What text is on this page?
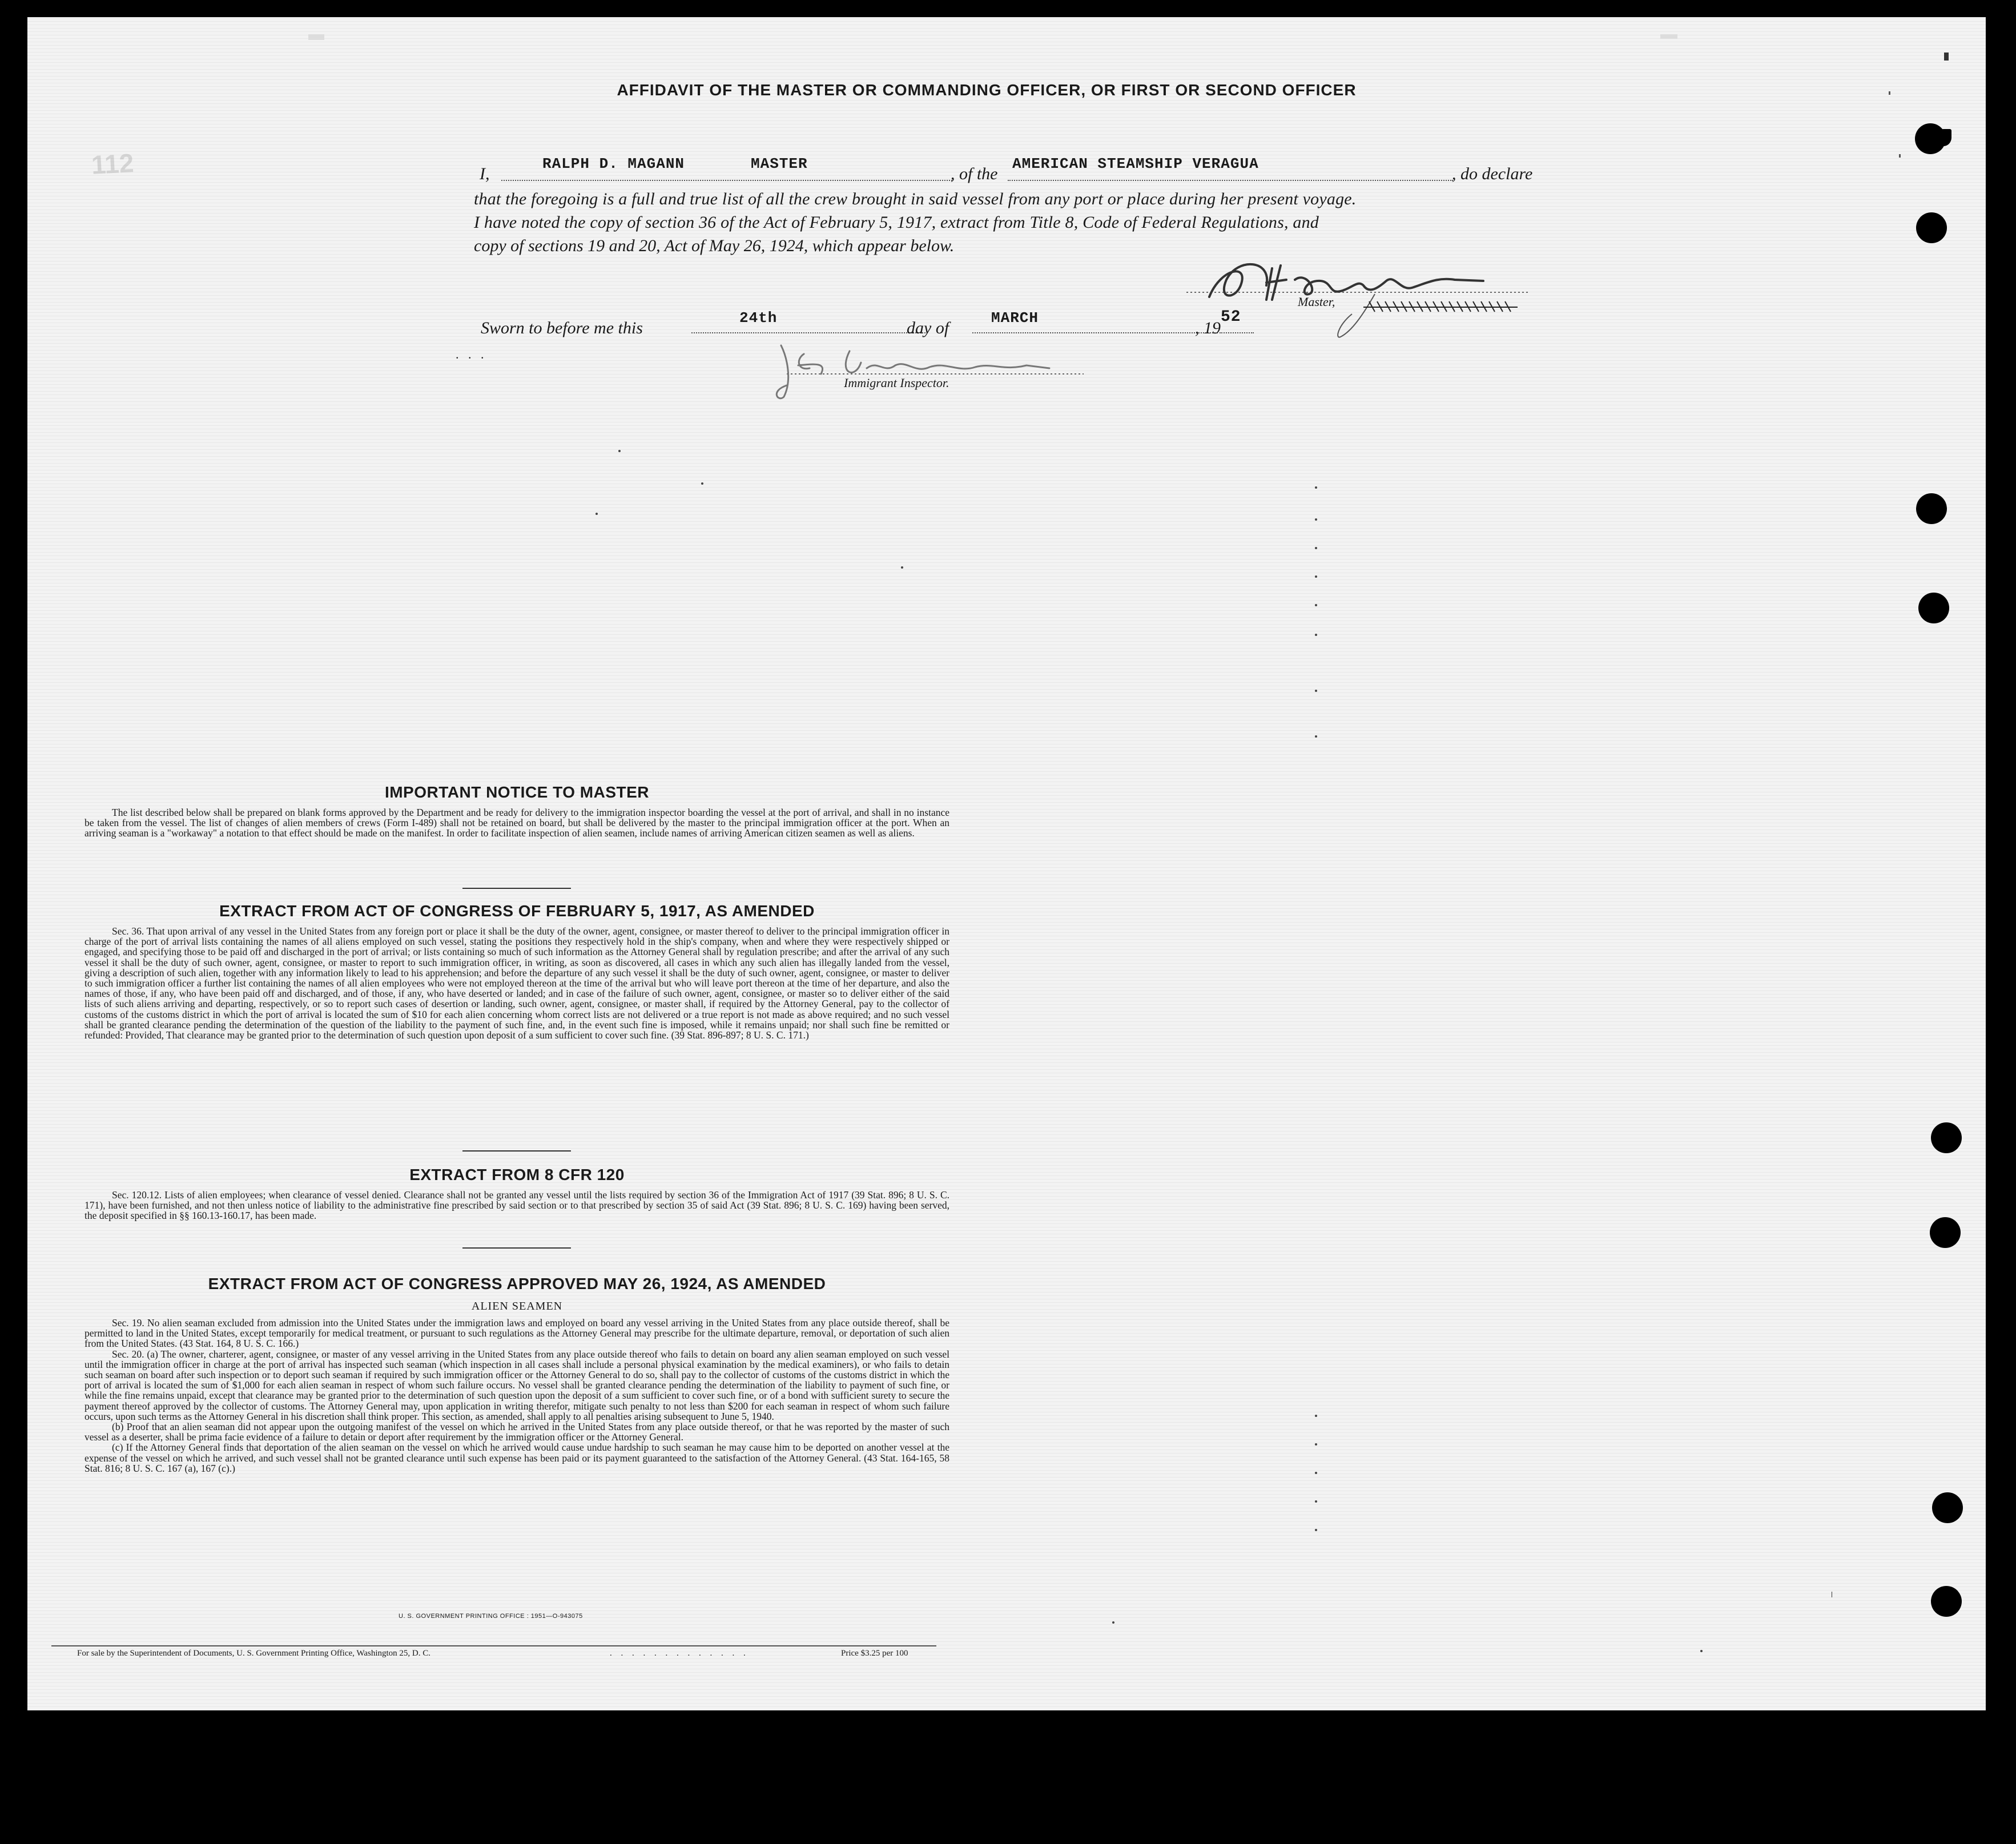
AFFIDAVIT OF THE MASTER OR COMMANDING OFFICER, OR FIRST OR SECOND OFFICER
I,
RALPH D. MAGANN	MASTER
, of the
AMERICAN STEAMSHIP VERAGUA
, do declare
that the foregoing is a full and true list of all the crew brought in said vessel from any port or place during her present voyage.
I have noted the copy of section 36 of the Act of February 5, 1917, extract from Title 8, Code of Federal Regulations, and
copy of sections 19 and 20, Act of May 26, 1924, which appear below.
Master,
Sworn to before me this
24th
day of
MARCH
, 19
52
.   .   .
Immigrant Inspector.
IMPORTANT NOTICE TO MASTER

The list described below shall be prepared on blank forms approved by the Department and be ready for delivery to the immigration inspector boarding the vessel at the port of arrival, and shall in no instance be taken from the vessel. The list of changes of alien members of crews (Form I-489) shall not be retained on board, but shall be delivered by the master to the principal immigration officer at the port. When an arriving seaman is a "workaway" a notation to that effect should be made on the manifest. In order to facilitate inspection of alien seamen, include names of arriving American citizen seamen as well as aliens.

EXTRACT FROM ACT OF CONGRESS OF FEBRUARY 5, 1917, AS AMENDED

Sec. 36. That upon arrival of any vessel in the United States from any foreign port or place it shall be the duty of the owner, agent, consignee, or master thereof to deliver to the principal immigration officer in charge of the port of arrival lists containing the names of all aliens employed on such vessel, stating the positions they respectively hold in the ship's company, when and where they were respectively shipped or engaged, and specifying those to be paid off and discharged in the port of arrival; or lists containing so much of such information as the Attorney General shall by regulation prescribe; and after the arrival of any such vessel it shall be the duty of such owner, agent, consignee, or master to report to such immigration officer, in writing, as soon as discovered, all cases in which any such alien has illegally landed from the vessel, giving a description of such alien, together with any information likely to lead to his apprehension; and before the departure of any such vessel it shall be the duty of such owner, agent, consignee, or master to deliver to such immigration officer a further list containing the names of all alien employees who were not employed thereon at the time of the arrival but who will leave port thereon at the time of her departure, and also the names of those, if any, who have been paid off and discharged, and of those, if any, who have deserted or landed; and in case of the failure of such owner, agent, consignee, or master so to deliver either of the said lists of such aliens arriving and departing, respectively, or so to report such cases of desertion or landing, such owner, agent, consignee, or master shall, if required by the Attorney General, pay to the collector of customs of the customs district in which the port of arrival is located the sum of $10 for each alien concerning whom correct lists are not delivered or a true report is not made as above required; and no such vessel shall be granted clearance pending the determination of the question of the liability to the payment of such fine, and, in the event such fine is imposed, while it remains unpaid; nor shall such fine be remitted or refunded: Provided, That clearance may be granted prior to the determination of such question upon deposit of a sum sufficient to cover such fine. (39 Stat. 896-897; 8 U. S. C. 171.)

EXTRACT FROM 8 CFR 120

Sec. 120.12. Lists of alien employees; when clearance of vessel denied. Clearance shall not be granted any vessel until the lists required by section 36 of the Immigration Act of 1917 (39 Stat. 896; 8 U. S. C. 171), have been furnished, and not then unless notice of liability to the administrative fine prescribed by said section or to that prescribed by section 35 of said Act (39 Stat. 896; 8 U. S. C. 169) having been served, the deposit specified in §§ 160.13-160.17, has been made.

EXTRACT FROM ACT OF CONGRESS APPROVED MAY 26, 1924, AS AMENDED
ALIEN SEAMEN

Sec. 19. No alien seaman excluded from admission into the United States under the immigration laws and employed on board any vessel arriving in the United States from any place outside thereof, shall be permitted to land in the United States, except temporarily for medical treatment, or pursuant to such regulations as the Attorney General may prescribe for the ultimate departure, removal, or deportation of such alien from the United States. (43 Stat. 164, 8 U. S. C. 166.)

Sec. 20. (a) The owner, charterer, agent, consignee, or master of any vessel arriving in the United States from any place outside thereof who fails to detain on board any alien seaman employed on such vessel until the immigration officer in charge at the port of arrival has inspected such seaman (which inspection in all cases shall include a personal physical examination by the medical examiners), or who fails to detain such seaman on board after such inspection or to deport such seaman if required by such immigration officer or the Attorney General to do so, shall pay to the collector of customs of the customs district in which the port of arrival is located the sum of $1,000 for each alien seaman in respect of whom such failure occurs. No vessel shall be granted clearance pending the determination of the liability to payment of such fine, or while the fine remains unpaid, except that clearance may be granted prior to the determination of such question upon the deposit of a sum sufficient to cover such fine, or of a bond with sufficient surety to secure the payment thereof approved by the collector of customs. The Attorney General may, upon application in writing therefor, mitigate such penalty to not less than $200 for each seaman in respect of whom such failure occurs, upon such terms as the Attorney General in his discretion shall think proper. This section, as amended, shall apply to all penalties arising subsequent to June 5, 1940.

(b) Proof that an alien seaman did not appear upon the outgoing manifest of the vessel on which he arrived in the United States from any place outside thereof, or that he was reported by the master of such vessel as a deserter, shall be prima facie evidence of a failure to detain or deport after requirement by the immigration officer or the Attorney General.

(c) If the Attorney General finds that deportation of the alien seaman on the vessel on which he arrived would cause undue hardship to such seaman he may cause him to be deported on another vessel at the expense of the vessel on which he arrived, and such vessel shall not be granted clearance until such expense has been paid or its payment guaranteed to the satisfaction of the Attorney General. (43 Stat. 164-165, 58 Stat. 816; 8 U. S. C. 167 (a), 167 (c).)

U. S. GOVERNMENT PRINTING OFFICE : 1951—O-943075
For sale by the Superintendent of Documents, U. S. Government Printing Office, Washington 25, D. C.	. . . . . . . . . . . . .	Price $3.25 per 100
112
